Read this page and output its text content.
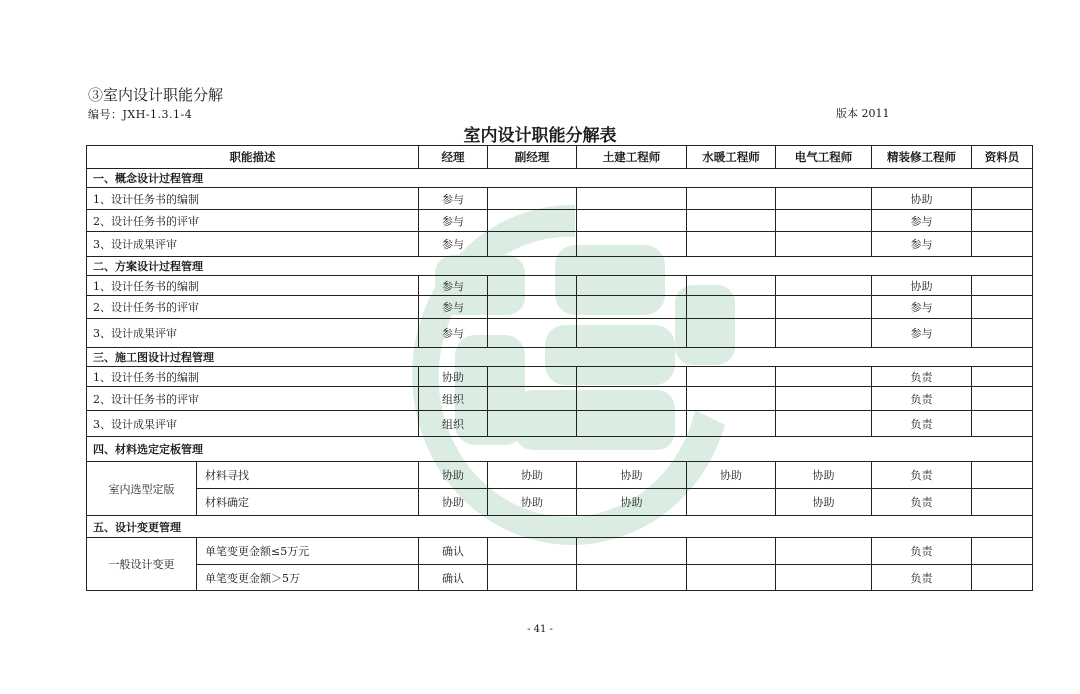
③室内设计职能分解
编号：JXH-1.3.1-4	版本 2011
室内设计职能分解表
职能描述		经理	副经理	土建工程师	水暖工程师	电气工程师	精装修工程师	资料员
一、概念设计过程管理								
1、设计任务书的编制		参与					协助	
2、设计任务书的评审		参与					参与	
3、设计成果评审		参与					参与	
二、方案设计过程管理								
1、设计任务书的编制		参与					协助	
2、设计任务书的评审		参与					参与	
3、设计成果评审		参与					参与	
三、施工图设计过程管理								
1、设计任务书的编制		协助					负责	
2、设计任务书的评审		组织					负责	
3、设计成果评审		组织					负责	
四、材料选定定板管理								
室内选型定版	材料寻找	协助	协助	协助	协助	协助	负责	
	材料确定	协助	协助	协助		协助	负责	
五、设计变更管理								
一般设计变更	单笔变更金额≤5万元	确认					负责	
	单笔变更金额＞5万	确认					负责	
- 41 -
